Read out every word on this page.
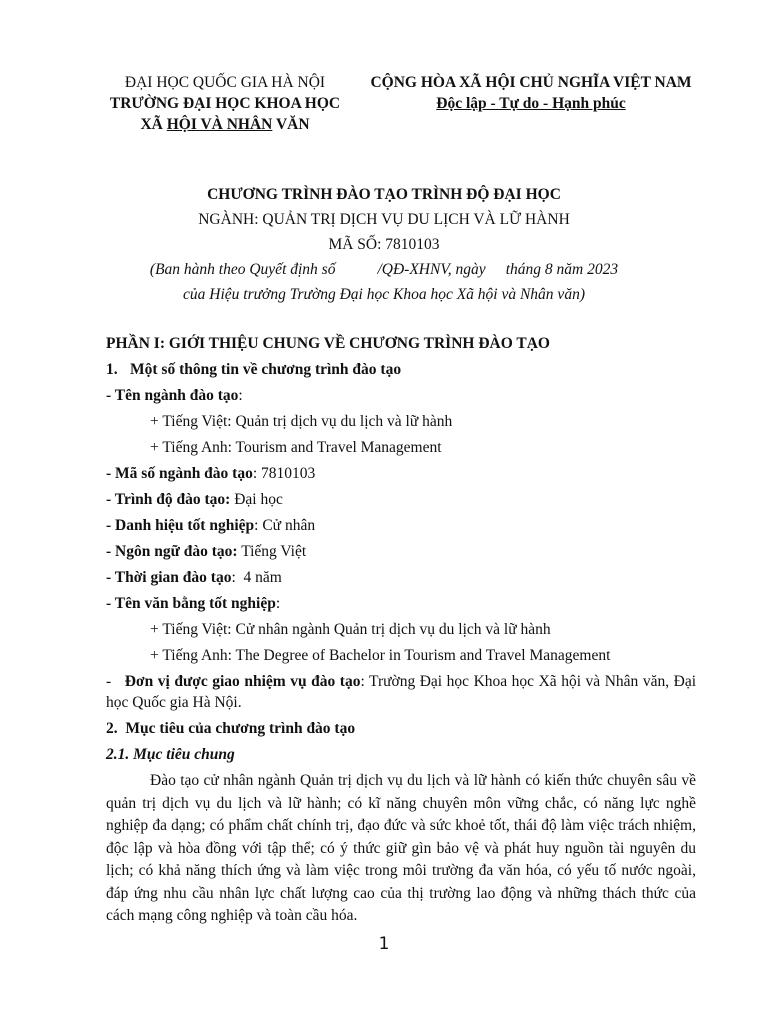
ĐẠI HỌC QUỐC GIA HÀ NỘI
TRƯỜNG ĐẠI HỌC KHOA HỌC
XÃ HỘI VÀ NHÂN VĂN
CỘNG HÒA XÃ HỘI CHỦ NGHĨA VIỆT NAM
Độc lập - Tự do - Hạnh phúc
CHƯƠNG TRÌNH ĐÀO TẠO TRÌNH ĐỘ ĐẠI HỌC
NGÀNH: QUẢN TRỊ DỊCH VỤ DU LỊCH VÀ LỮ HÀNH
MÃ SỐ: 7810103
(Ban hành theo Quyết định số	/QĐ-XHNV, ngày tháng 8 năm 2023
của Hiệu trưởng Trường Đại học Khoa học Xã hội và Nhân văn)
PHẦN I: GIỚI THIỆU CHUNG VỀ CHƯƠNG TRÌNH ĐÀO TẠO
1. Một số thông tin về chương trình đào tạo
- Tên ngành đào tạo:
+ Tiếng Việt: Quản trị dịch vụ du lịch và lữ hành
+ Tiếng Anh: Tourism and Travel Management
- Mã số ngành đào tạo: 7810103
- Trình độ đào tạo: Đại học
- Danh hiệu tốt nghiệp: Cử nhân
- Ngôn ngữ đào tạo: Tiếng Việt
- Thời gian đào tạo:  4 năm
- Tên văn bằng tốt nghiệp:
+ Tiếng Việt: Cử nhân ngành Quản trị dịch vụ du lịch và lữ hành
+ Tiếng Anh: The Degree of Bachelor in Tourism and Travel Management
- Đơn vị được giao nhiệm vụ đào tạo: Trường Đại học Khoa học Xã hội và Nhân văn, Đại học Quốc gia Hà Nội.
2. Mục tiêu của chương trình đào tạo
2.1. Mục tiêu chung
Đào tạo cử nhân ngành Quản trị dịch vụ du lịch và lữ hành có kiến thức chuyên sâu về quản trị dịch vụ du lịch và lữ hành; có kĩ năng chuyên môn vững chắc, có năng lực nghề nghiệp đa dạng; có phẩm chất chính trị, đạo đức và sức khoẻ tốt, thái độ làm việc trách nhiệm, độc lập và hòa đồng với tập thể; có ý thức giữ gìn bảo vệ và phát huy nguồn tài nguyên du lịch; có khả năng thích ứng và làm việc trong môi trường đa văn hóa, có yếu tố nước ngoài, đáp ứng nhu cầu nhân lực chất lượng cao của thị trường lao động và những thách thức của cách mạng công nghiệp và toàn cầu hóa.
1
